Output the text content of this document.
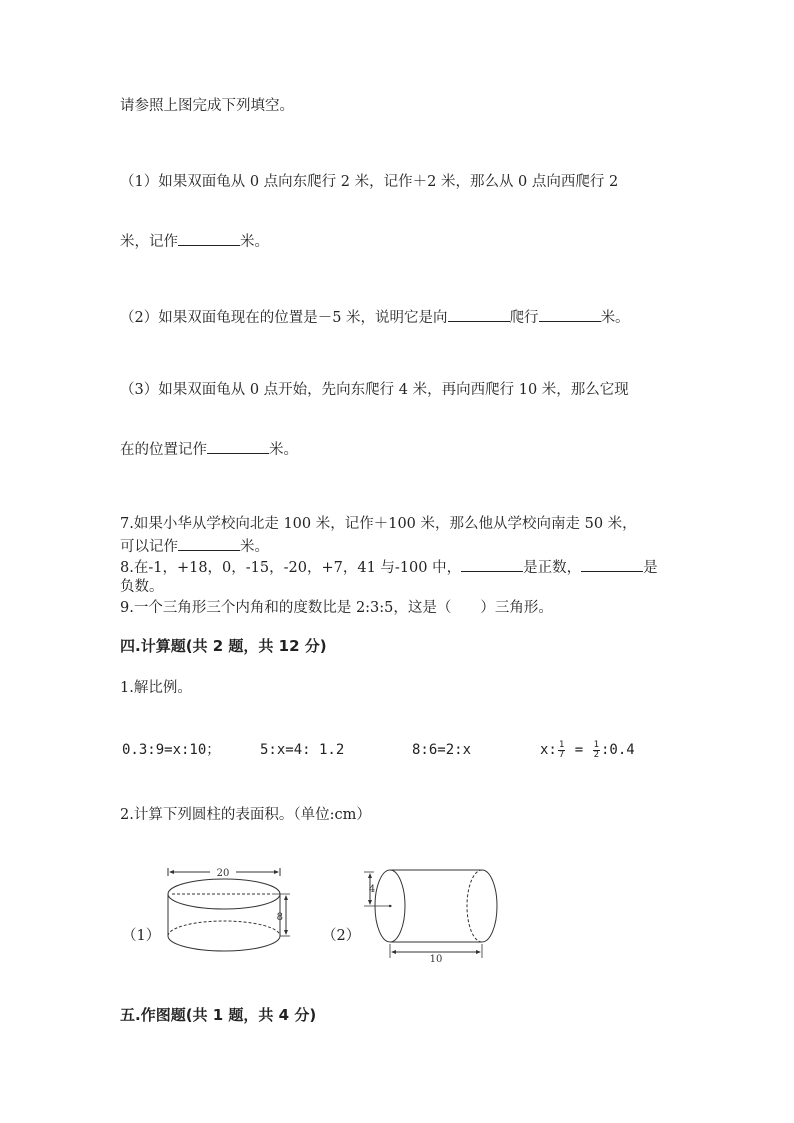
请参照上图完成下列填空。
（1）如果双面龟从 0 点向东爬行 2 米，记作＋2 米，那么从 0 点向西爬行 2
米，记作	米。
（2）如果双面龟现在的位置是－5 米，说明它是向	爬行	米。
（3）如果双面龟从 0 点开始，先向东爬行 4 米，再向西爬行 10 米，那么它现
在的位置记作	米。
7.如果小华从学校向北走 100 米，记作＋100 米，那么他从学校向南走 50 米，
可以记作	米。
8.在-1，+18，0，-15，-20，+7，41 与-100 中，	是正数，	是
负数。
9.一个三角形三个内角和的度数比是 2:3:5，这是（　　）三角形。
四.计算题(共 2 题，共 12 分)
1.解比例。
0.3:9=x:10；	5:x=4: 1.2	8:6=2:x	x: $\frac{1}{7} = \frac{1}{2}$ :0.4
2.计算下列圆柱的表面积。（单位:cm）
（1）
20
8
（2）
4
10
五.作图题(共 1 题，共 4 分)
